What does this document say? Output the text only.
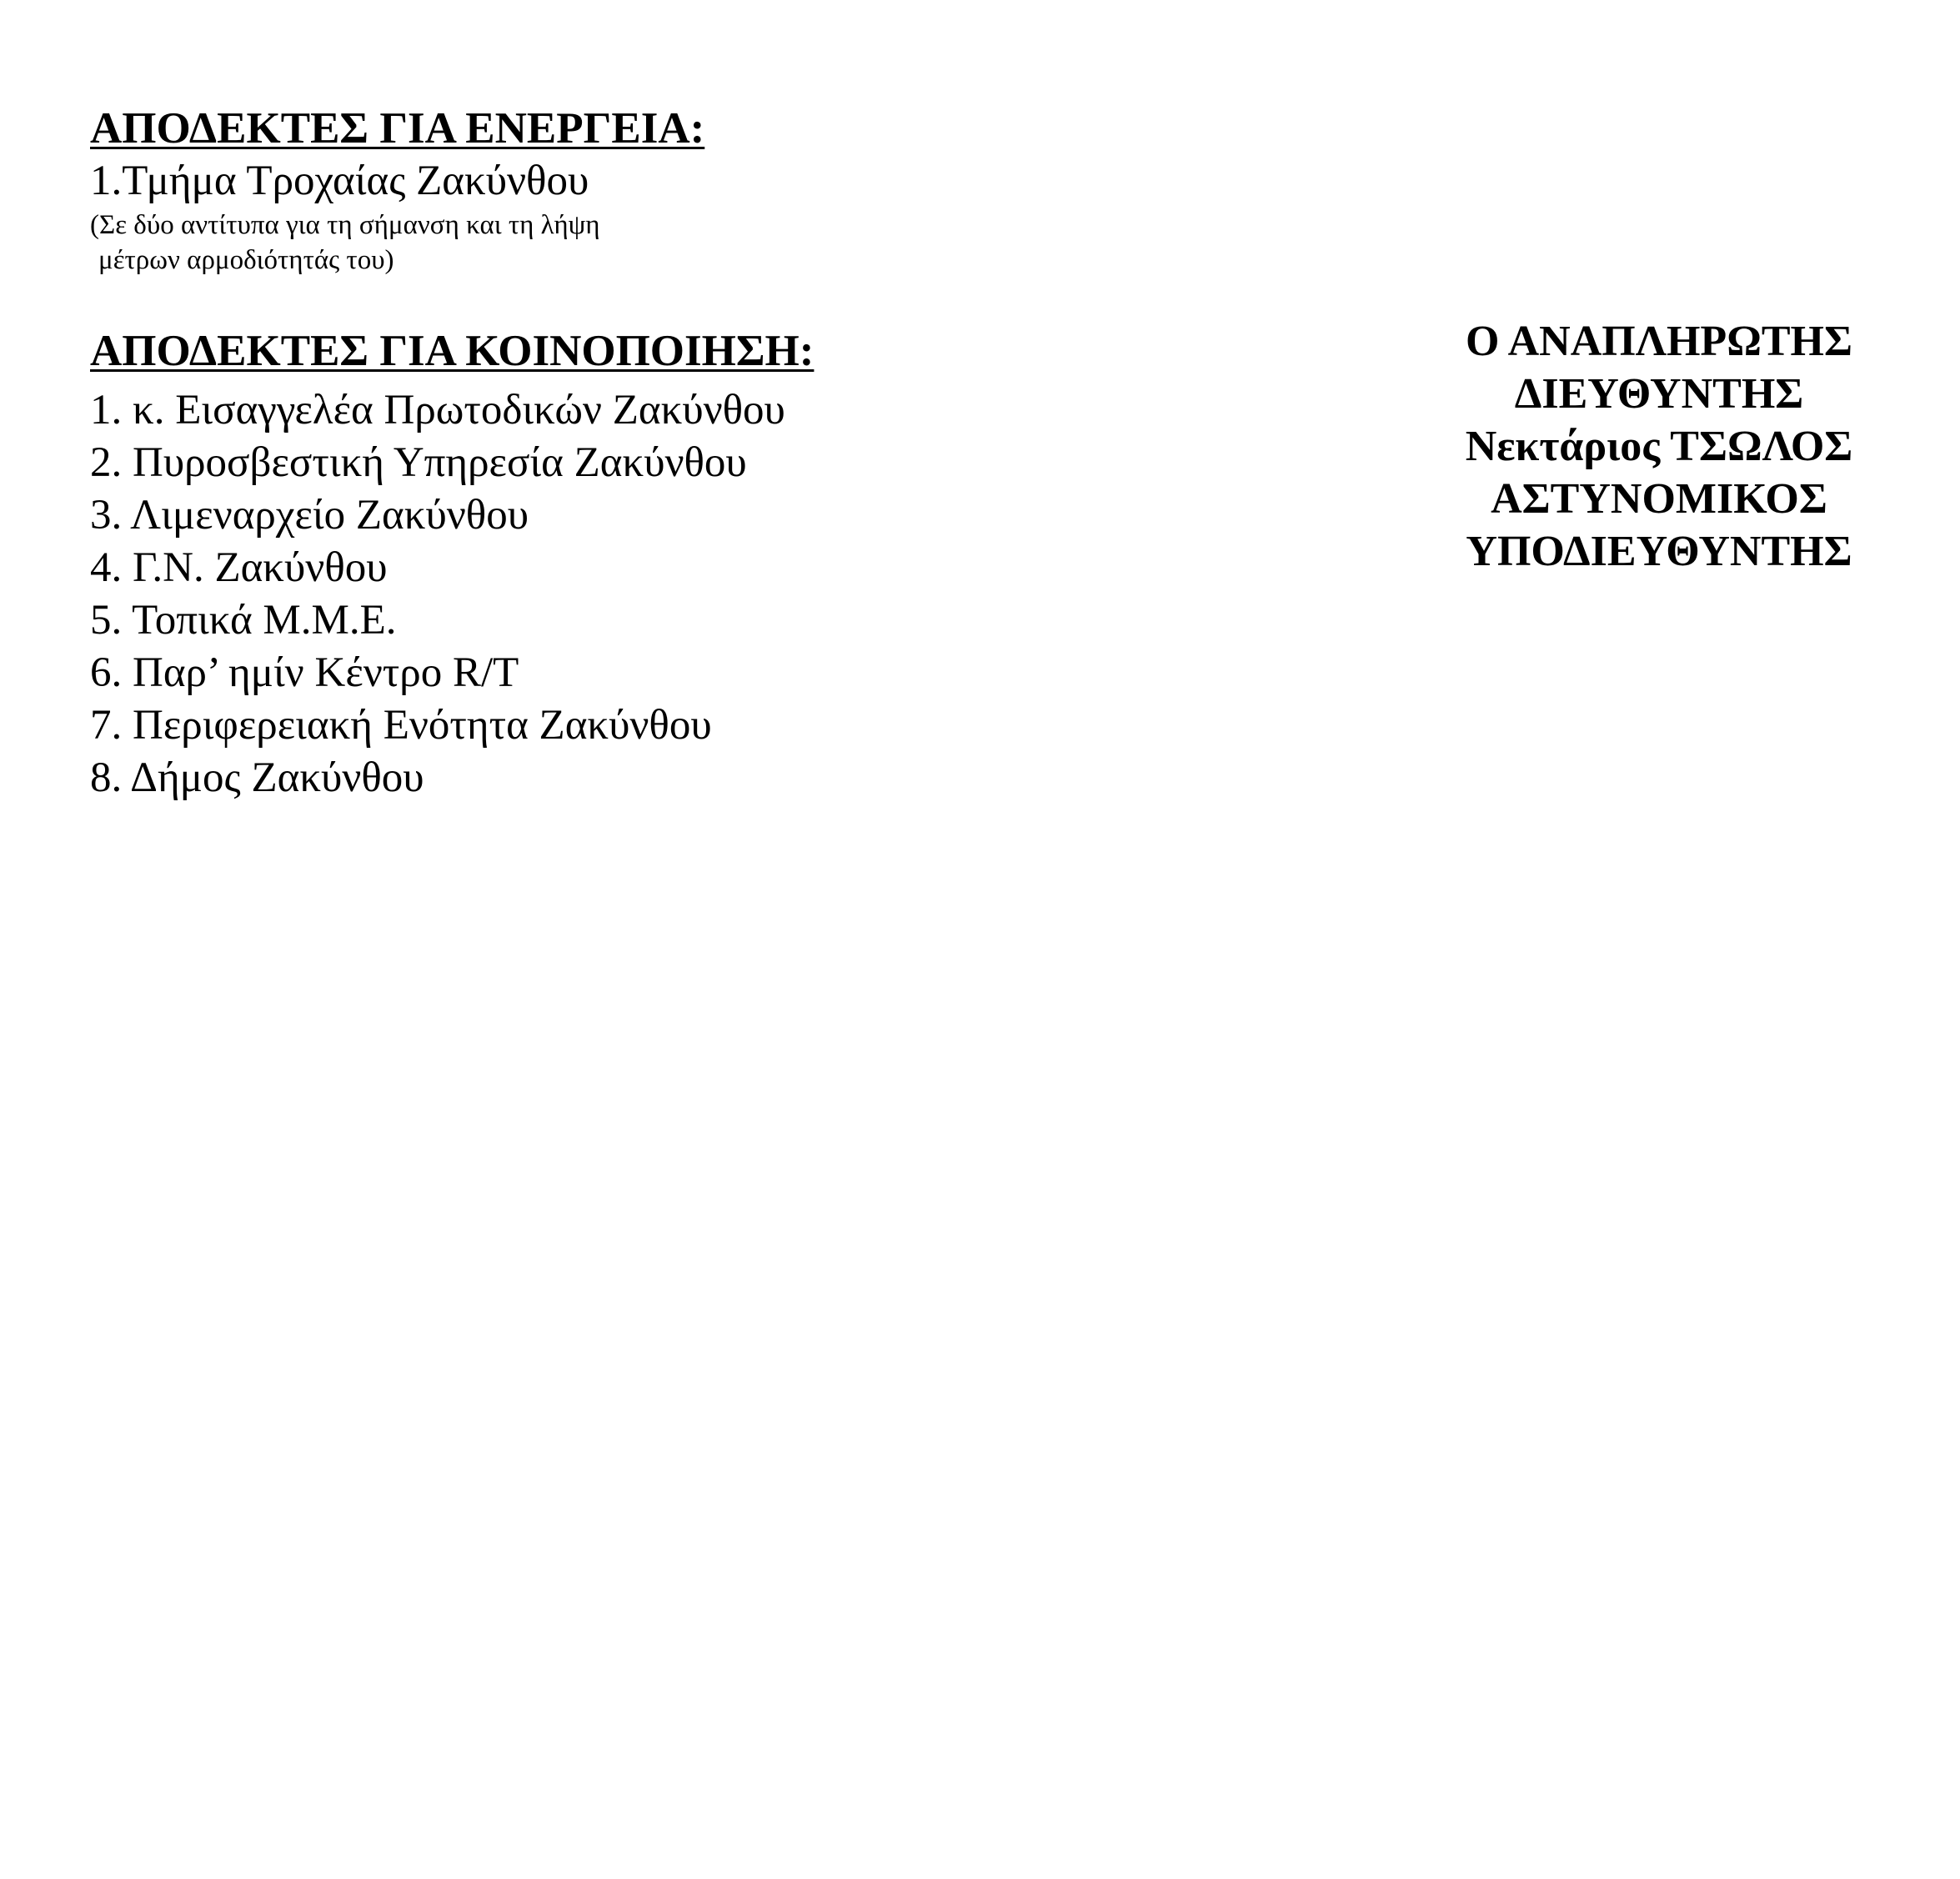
ΑΠΟΔΕΚΤΕΣ ΓΙΑ ΕΝΕΡΓΕΙΑ:

1.Τμήμα Τροχαίας Ζακύνθου

(Σε δύο αντίτυπα για τη σήμανση και τη λήψη

μέτρων αρμοδιότητάς του)

ΑΠΟΔΕΚΤΕΣ ΓΙΑ ΚΟΙΝΟΠΟΙΗΣΗ:

1. κ. Εισαγγελέα Πρωτοδικών Ζακύνθου

2. Πυροσβεστική Υπηρεσία Ζακύνθου

3. Λιμεναρχείο Ζακύνθου

4. Γ.Ν. Ζακύνθου

5. Τοπικά Μ.Μ.Ε.

6. Παρ’ ημίν Κέντρο R/T

7. Περιφερειακή Ενότητα Ζακύνθου

8. Δήμος Ζακύνθου

Ο ΑΝΑΠΛΗΡΩΤΗΣ
ΔΙΕΥΘΥΝΤΗΣ
Νεκτάριος ΤΣΩΛΟΣ
ΑΣΤΥΝΟΜΙΚΟΣ
ΥΠΟΔΙΕΥΘΥΝΤΗΣ
